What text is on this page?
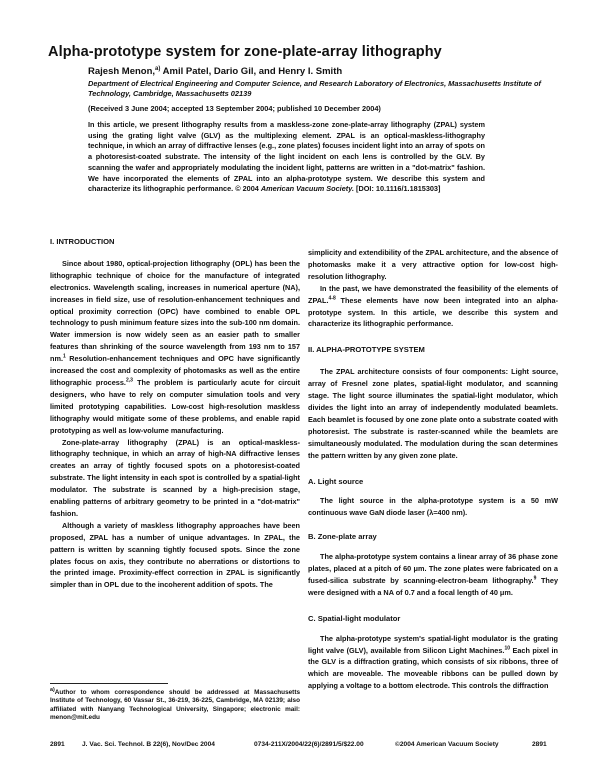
Alpha-prototype system for zone-plate-array lithography
Rajesh Menon,$^{a)}$ Amil Patel, Dario Gil, and Henry I. Smith
Department of Electrical Engineering and Computer Science, and Research Laboratory of Electronics, Massachusetts Institute of Technology, Cambridge, Massachusetts 02139
(Received 3 June 2004; accepted 13 September 2004; published 10 December 2004)
In this article, we present lithography results from a maskless-zone zone-plate-array lithography (ZPAL) system using the grating light valve (GLV) as the multiplexing element. ZPAL is an optical-maskless-lithography technique, in which an array of diffractive lenses (e.g., zone plates) focuses incident light into an array of spots on a photoresist-coated substrate. The intensity of the light incident on each lens is controlled by the GLV. By scanning the wafer and appropriately modulating the incident light, patterns are written in a "dot-matrix" fashion. We have incorporated the elements of ZPAL into an alpha-prototype system. We describe this system and characterize its lithographic performance. © 2004 American Vacuum Society. [DOI: 10.1116/1.1815303]
I. INTRODUCTION

Since about 1980, optical-projection lithography (OPL) has been the lithographic technique of choice for the manufacture of integrated electronics. Wavelength scaling, increases in numerical aperture (NA), increases in field size, use of resolution-enhancement techniques and optical proximity correction (OPC) have combined to enable OPL technology to push minimum feature sizes into the sub-100 nm domain. Water immersion is now widely seen as an easier path to smaller features than shrinking of the source wavelength from 193 nm to 157 nm.$^1$ Resolution-enhancement techniques and OPC have significantly increased the cost and complexity of photomasks as well as the entire lithographic process.$^{2,3}$ The problem is particularly acute for circuit designers, who have to rely on computer simulation tools and very limited prototyping capabilities. Low-cost high-resolution maskless lithography would mitigate some of these problems, and enable rapid prototyping as well as low-volume manufacturing.

Zone-plate-array lithography (ZPAL) is an optical-maskless-lithography technique, in which an array of high-NA diffractive lenses creates an array of tightly focused spots on a photoresist-coated substrate. The light intensity in each spot is controlled by a spatial-light modulator. The substrate is scanned by a high-precision stage, enabling patterns of arbitrary geometry to be printed in a "dot-matrix" fashion.

Although a variety of maskless lithography approaches have been proposed, ZPAL has a number of unique advantages. In ZPAL, the pattern is written by scanning tightly focused spots. Since the zone plates focus on axis, they contribute no aberrations or distortions to the printed image. Proximity-effect correction in ZPAL is significantly simpler than in OPL due to the incoherent addition of spots. The

simplicity and extendibility of the ZPAL architecture, and the absence of photomasks make it a very attractive option for low-cost high-resolution lithography.

In the past, we have demonstrated the feasibility of the elements of ZPAL.$^{4-8}$ These elements have now been integrated into an alpha-prototype system. In this article, we describe this system and characterize its lithographic performance.

II. ALPHA-PROTOTYPE SYSTEM

The ZPAL architecture consists of four components: Light source, array of Fresnel zone plates, spatial-light modulator, and scanning stage. The light source illuminates the spatial-light modulator, which divides the light into an array of independently modulated beamlets. Each beamlet is focused by one zone plate onto a substrate coated with photoresist. The substrate is raster-scanned while the beamlets are simultaneously modulated. The modulation during the scan determines the pattern written by any given zone plate.

A. Light source

The light source in the alpha-prototype system is a 50 mW continuous wave GaN diode laser (λ=400 nm).

B. Zone-plate array

The alpha-prototype system contains a linear array of 36 phase zone plates, placed at a pitch of 60 μm. The zone plates were fabricated on a fused-silica substrate by scanning-electron-beam lithography.$^9$ They were designed with a NA of 0.7 and a focal length of 40 μm.

C. Spatial-light modulator

The alpha-prototype system's spatial-light modulator is the grating light valve (GLV), available from Silicon Light Machines.$^{10}$ Each pixel in the GLV is a diffraction grating, which consists of six ribbons, three of which are moveable. The moveable ribbons can be pulled down by applying a voltage to a bottom electrode. This controls the diffraction

$^{a)}$Author to whom correspondence should be addressed at Massachusetts Institute of Technology, 60 Vassar St., 36-219, 36-225, Cambridge, MA 02139; also affiliated with Nanyang Technological University, Singapore; electronic mail: menon@mit.edu
2891	J. Vac. Sci. Technol. B 22(6), Nov/Dec 2004	0734-211X/2004/22(6)/2891/5/$22.00	©2004 American Vacuum Society	2891
